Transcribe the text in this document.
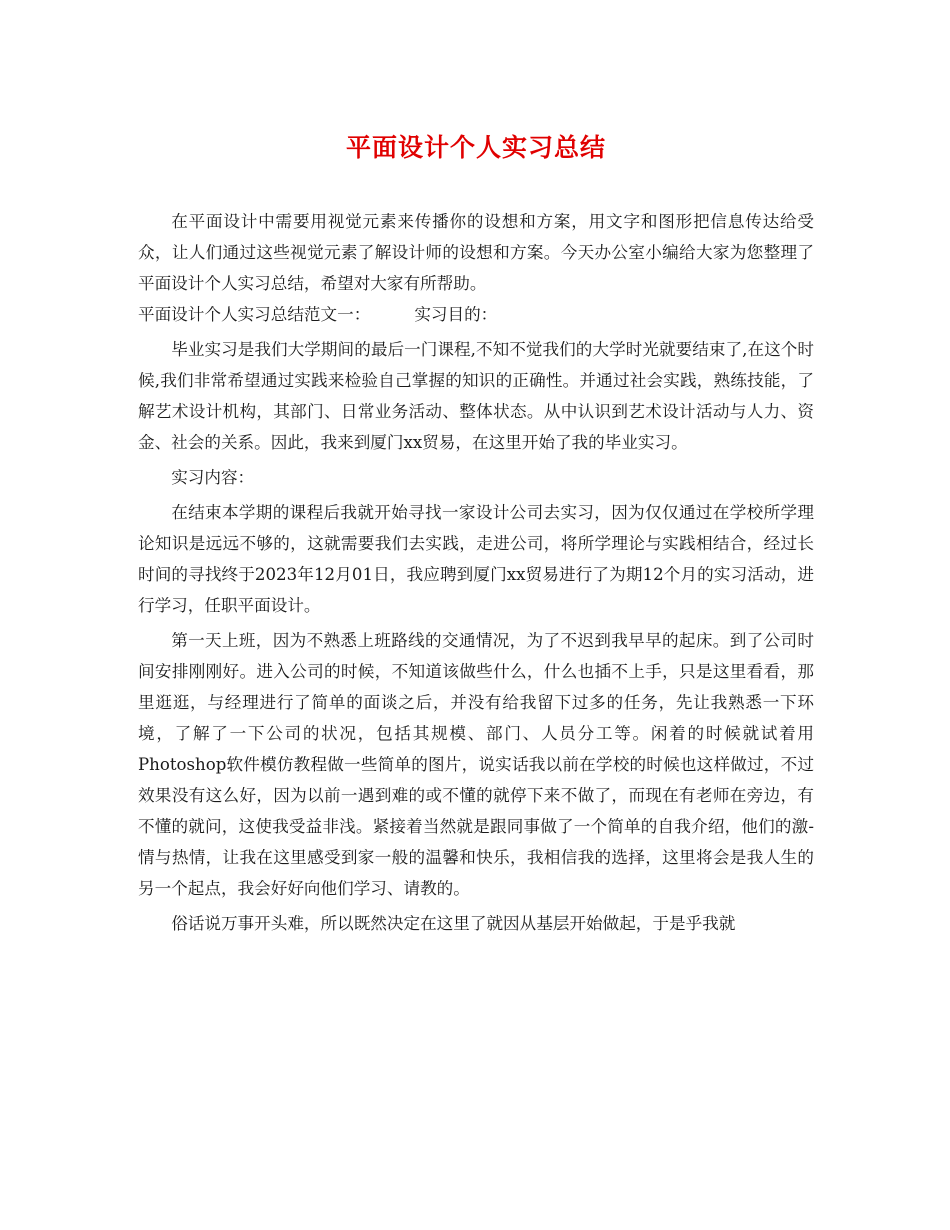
平面设计个人实习总结

在平面设计中需要用视觉元素来传播你的设想和方案，用文字和图形把信息传达给受众，让人们通过这些视觉元素了解设计师的设想和方案。今天办公室小编给大家为您整理了平面设计个人实习总结，希望对大家有所帮助。

平面设计个人实习总结范文一：	实习目的：

毕业实习是我们大学期间的最后一门课程,不知不觉我们的大学时光就要结束了,在这个时候,我们非常希望通过实践来检验自己掌握的知识的正确性。并通过社会实践，熟练技能，了解艺术设计机构，其部门、日常业务活动、整体状态。从中认识到艺术设计活动与人力、资金、社会的关系。因此，我来到厦门xx贸易，在这里开始了我的毕业实习。

实习内容：

在结束本学期的课程后我就开始寻找一家设计公司去实习，因为仅仅通过在学校所学理论知识是远远不够的，这就需要我们去实践，走进公司，将所学理论与实践相结合，经过长时间的寻找终于2023年12月01日，我应聘到厦门xx贸易进行了为期12个月的实习活动，进行学习，任职平面设计。

第一天上班，因为不熟悉上班路线的交通情况，为了不迟到我早早的起床。到了公司时间安排刚刚好。进入公司的时候，不知道该做些什么，什么也插不上手，只是这里看看，那里逛逛，与经理进行了简单的面谈之后，并没有给我留下过多的任务，先让我熟悉一下环境，了解了一下公司的状况，包括其规模、部门、人员分工等。闲着的时候就试着用Photoshop软件模仿教程做一些简单的图片，说实话我以前在学校的时候也这样做过，不过效果没有这么好，因为以前一遇到难的或不懂的就停下来不做了，而现在有老师在旁边，有不懂的就问，这使我受益非浅。紧接着当然就是跟同事做了一个简单的自我介绍，他们的激-情与热情，让我在这里感受到家一般的温馨和快乐，我相信我的选择，这里将会是我人生的另一个起点，我会好好向他们学习、请教的。

俗话说万事开头难，所以既然决定在这里了就因从基层开始做起，于是乎我就
